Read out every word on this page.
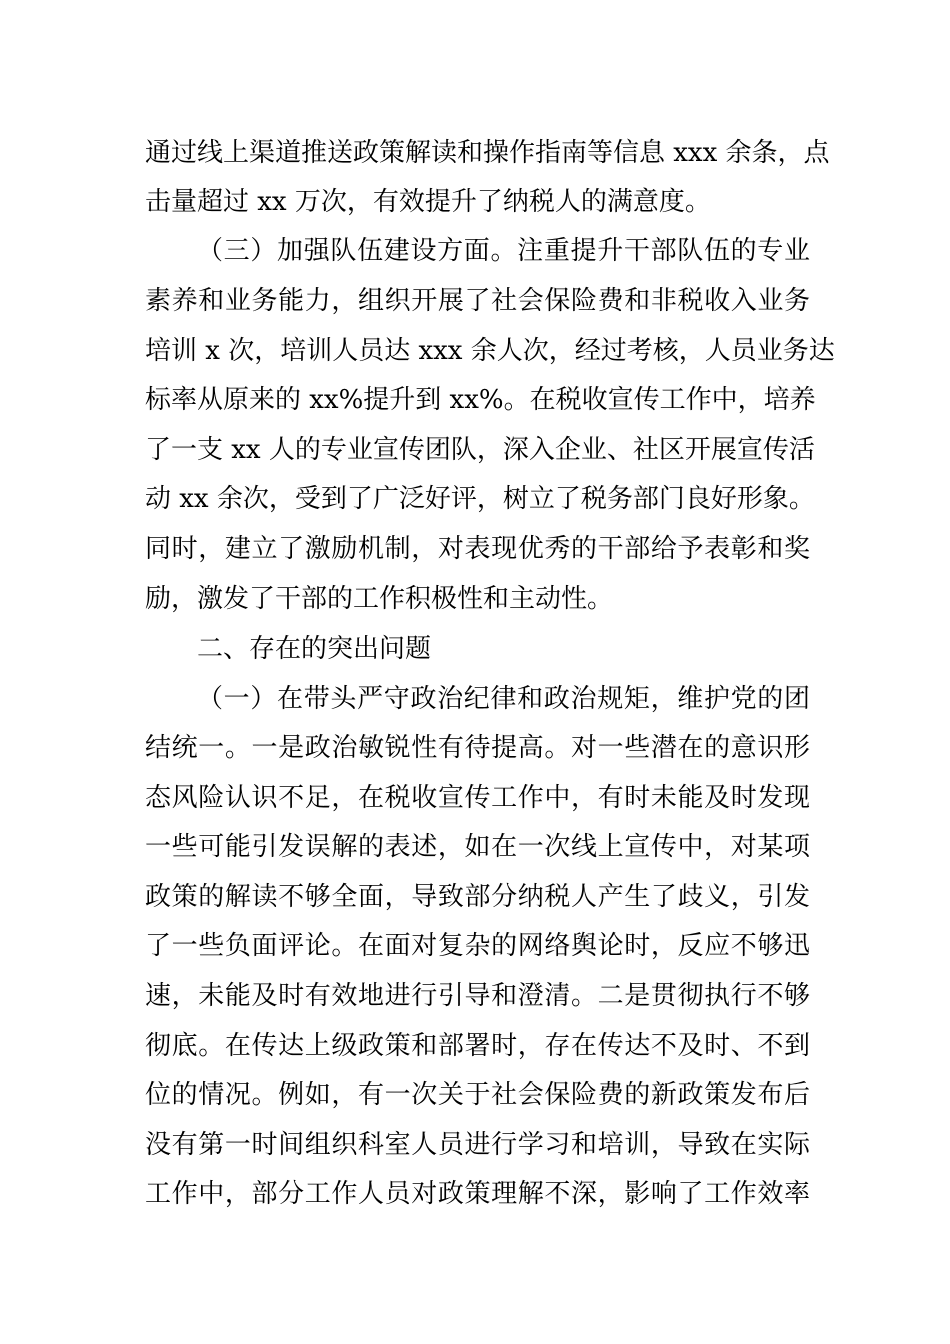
通过线上渠道推送政策解读和操作指南等信息 xxx 余条，点
击量超过 xx 万次，有效提升了纳税人的满意度。
（三）加强队伍建设方面。注重提升干部队伍的专业
素养和业务能力，组织开展了社会保险费和非税收入业务
培训 x 次，培训人员达 xxx 余人次，经过考核，人员业务达
标率从原来的 xx%提升到 xx%。在税收宣传工作中，培养
了一支 xx 人的专业宣传团队，深入企业、社区开展宣传活
动 xx 余次，受到了广泛好评，树立了税务部门良好形象。
同时，建立了激励机制，对表现优秀的干部给予表彰和奖
励，激发了干部的工作积极性和主动性。
二、存在的突出问题
（一）在带头严守政治纪律和政治规矩，维护党的团
结统一。一是政治敏锐性有待提高。对一些潜在的意识形
态风险认识不足，在税收宣传工作中，有时未能及时发现
一些可能引发误解的表述，如在一次线上宣传中，对某项
政策的解读不够全面，导致部分纳税人产生了歧义，引发
了一些负面评论。在面对复杂的网络舆论时，反应不够迅
速，未能及时有效地进行引导和澄清。二是贯彻执行不够
彻底。在传达上级政策和部署时，存在传达不及时、不到
位的情况。例如，有一次关于社会保险费的新政策发布后
没有第一时间组织科室人员进行学习和培训，导致在实际
工作中，部分工作人员对政策理解不深，影响了工作效率
